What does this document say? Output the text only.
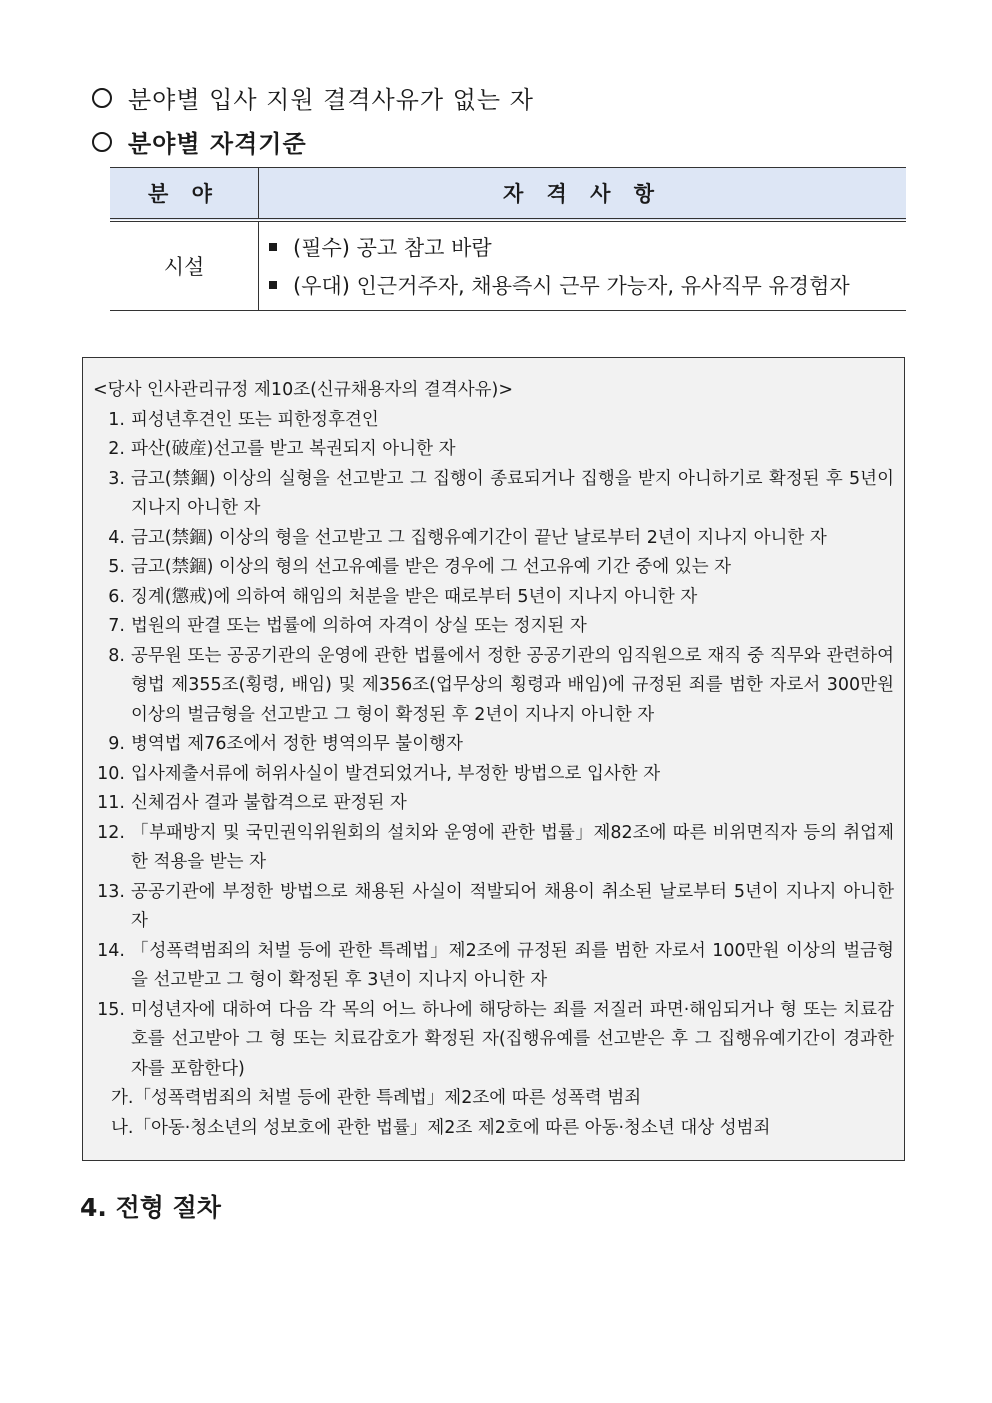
분야별 입사 지원 결격사유가 없는 자
분야별 자격기준
분 야	자 격 사 항
시설	(필수) 공고 참고 바람
(우대) 인근거주자, 채용즉시 근무 가능자, 유사직무 유경험자
<당사 인사관리규정 제10조(신규채용자의 결격사유)>
1. 피성년후견인 또는 피한정후견인
2. 파산(破産)선고를 받고 복권되지 아니한 자
3. 금고(禁錮) 이상의 실형을 선고받고 그 집행이 종료되거나 집행을 받지 아니하기로 확정된 후 5년이 지나지 아니한 자
4. 금고(禁錮) 이상의 형을 선고받고 그 집행유예기간이 끝난 날로부터 2년이 지나지 아니한 자
5. 금고(禁錮) 이상의 형의 선고유예를 받은 경우에 그 선고유예 기간 중에 있는 자
6. 징계(懲戒)에 의하여 해임의 처분을 받은 때로부터 5년이 지나지 아니한 자
7. 법원의 판결 또는 법률에 의하여 자격이 상실 또는 정지된 자
8. 공무원 또는 공공기관의 운영에 관한 법률에서 정한 공공기관의 임직원으로 재직 중 직무와 관련하여 형법 제355조(횡령, 배임) 및 제356조(업무상의 횡령과 배임)에 규정된 죄를 범한 자로서 300만원 이상의 벌금형을 선고받고 그 형이 확정된 후 2년이 지나지 아니한 자
9. 병역법 제76조에서 정한 병역의무 불이행자
10. 입사제출서류에 허위사실이 발견되었거나, 부정한 방법으로 입사한 자
11. 신체검사 결과 불합격으로 판정된 자
12. 「부패방지 및 국민권익위원회의 설치와 운영에 관한 법률」제82조에 따른 비위면직자 등의 취업제한 적용을 받는 자
13. 공공기관에 부정한 방법으로 채용된 사실이 적발되어 채용이 취소된 날로부터 5년이 지나지 아니한 자
14. 「성폭력범죄의 처벌 등에 관한 특례법」제2조에 규정된 죄를 범한 자로서 100만원 이상의 벌금형을 선고받고 그 형이 확정된 후 3년이 지나지 아니한 자
15. 미성년자에 대하여 다음 각 목의 어느 하나에 해당하는 죄를 저질러 파면·해임되거나 형 또는 치료감호를 선고받아 그 형 또는 치료감호가 확정된 자(집행유예를 선고받은 후 그 집행유예기간이 경과한 자를 포함한다)
가.「성폭력범죄의 처벌 등에 관한 특례법」제2조에 따른 성폭력 범죄
나.「아동·청소년의 성보호에 관한 법률」제2조 제2호에 따른 아동·청소년 대상 성범죄
4. 전형 절차
